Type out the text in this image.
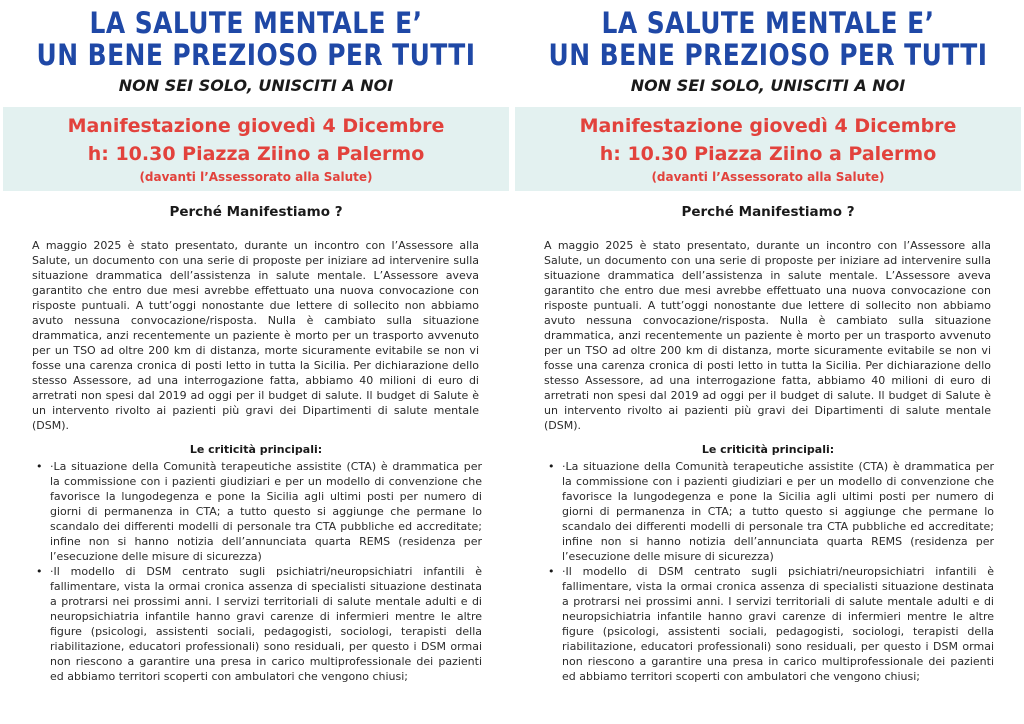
LA SALUTE MENTALE E’
UN BENE PREZIOSO PER TUTTI

NON SEI SOLO, UNISCITI A NOI

Manifestazione giovedì 4 Dicembre

h: 10.30 Piazza Ziino a Palermo

(davanti l’Assessorato alla Salute)

Perché Manifestiamo ?

A maggio 2025 è stato presentato, durante un incontro con l’Assessore alla Salute, un documento con una serie di proposte per iniziare ad intervenire sulla situazione drammatica dell’assistenza in salute mentale. L’Assessore aveva garantito che entro due mesi avrebbe effettuato una nuova convocazione con risposte puntuali. A tutt’oggi nonostante due lettere di sollecito non abbiamo avuto nessuna convocazione/risposta. Nulla è cambiato sulla situazione drammatica, anzi recentemente un paziente è morto per un trasporto avvenuto per un TSO ad oltre 200 km di distanza, morte sicuramente evitabile se non vi fosse una carenza cronica di posti letto in tutta la Sicilia. Per dichiarazione dello stesso Assessore, ad una interrogazione fatta, abbiamo 40 milioni di euro di arretrati non spesi dal 2019 ad oggi per il budget di salute. Il budget di Salute è un intervento rivolto ai pazienti più gravi dei Dipartimenti di salute mentale (DSM).

Le criticità principali:

• ·La situazione della Comunità terapeutiche assistite (CTA) è drammatica per la commissione con i pazienti giudiziari e per un modello di convenzione che favorisce la lungodegenza e pone la Sicilia agli ultimi posti per numero di giorni di permanenza in CTA; a tutto questo si aggiunge che permane lo scandalo dei differenti modelli di personale tra CTA pubbliche ed accreditate; infine non si hanno notizia dell’annunciata quarta REMS (residenza per l’esecuzione delle misure di sicurezza)
• ·Il modello di DSM centrato sugli psichiatri/neuropsichiatri infantili è fallimentare, vista la ormai cronica assenza di specialisti situazione destinata a protrarsi nei prossimi anni. I servizi territoriali di salute mentale adulti e di neuropsichiatria infantile hanno gravi carenze di infermieri mentre le altre figure (psicologi, assistenti sociali, pedagogisti, sociologi, terapisti della riabilitazione, educatori professionali) sono residuali, per questo i DSM ormai non riescono a garantire una presa in carico multiprofessionale dei pazienti ed abbiamo territori scoperti con ambulatori che vengono chiusi;
LA SALUTE MENTALE E’
UN BENE PREZIOSO PER TUTTI

NON SEI SOLO, UNISCITI A NOI

Manifestazione giovedì 4 Dicembre

h: 10.30 Piazza Ziino a Palermo

(davanti l’Assessorato alla Salute)

Perché Manifestiamo ?

A maggio 2025 è stato presentato, durante un incontro con l’Assessore alla Salute, un documento con una serie di proposte per iniziare ad intervenire sulla situazione drammatica dell’assistenza in salute mentale. L’Assessore aveva garantito che entro due mesi avrebbe effettuato una nuova convocazione con risposte puntuali. A tutt’oggi nonostante due lettere di sollecito non abbiamo avuto nessuna convocazione/risposta. Nulla è cambiato sulla situazione drammatica, anzi recentemente un paziente è morto per un trasporto avvenuto per un TSO ad oltre 200 km di distanza, morte sicuramente evitabile se non vi fosse una carenza cronica di posti letto in tutta la Sicilia. Per dichiarazione dello stesso Assessore, ad una interrogazione fatta, abbiamo 40 milioni di euro di arretrati non spesi dal 2019 ad oggi per il budget di salute. Il budget di Salute è un intervento rivolto ai pazienti più gravi dei Dipartimenti di salute mentale (DSM).

Le criticità principali:

• ·La situazione della Comunità terapeutiche assistite (CTA) è drammatica per la commissione con i pazienti giudiziari e per un modello di convenzione che favorisce la lungodegenza e pone la Sicilia agli ultimi posti per numero di giorni di permanenza in CTA; a tutto questo si aggiunge che permane lo scandalo dei differenti modelli di personale tra CTA pubbliche ed accreditate; infine non si hanno notizia dell’annunciata quarta REMS (residenza per l’esecuzione delle misure di sicurezza)
• ·Il modello di DSM centrato sugli psichiatri/neuropsichiatri infantili è fallimentare, vista la ormai cronica assenza di specialisti situazione destinata a protrarsi nei prossimi anni. I servizi territoriali di salute mentale adulti e di neuropsichiatria infantile hanno gravi carenze di infermieri mentre le altre figure (psicologi, assistenti sociali, pedagogisti, sociologi, terapisti della riabilitazione, educatori professionali) sono residuali, per questo i DSM ormai non riescono a garantire una presa in carico multiprofessionale dei pazienti ed abbiamo territori scoperti con ambulatori che vengono chiusi;
